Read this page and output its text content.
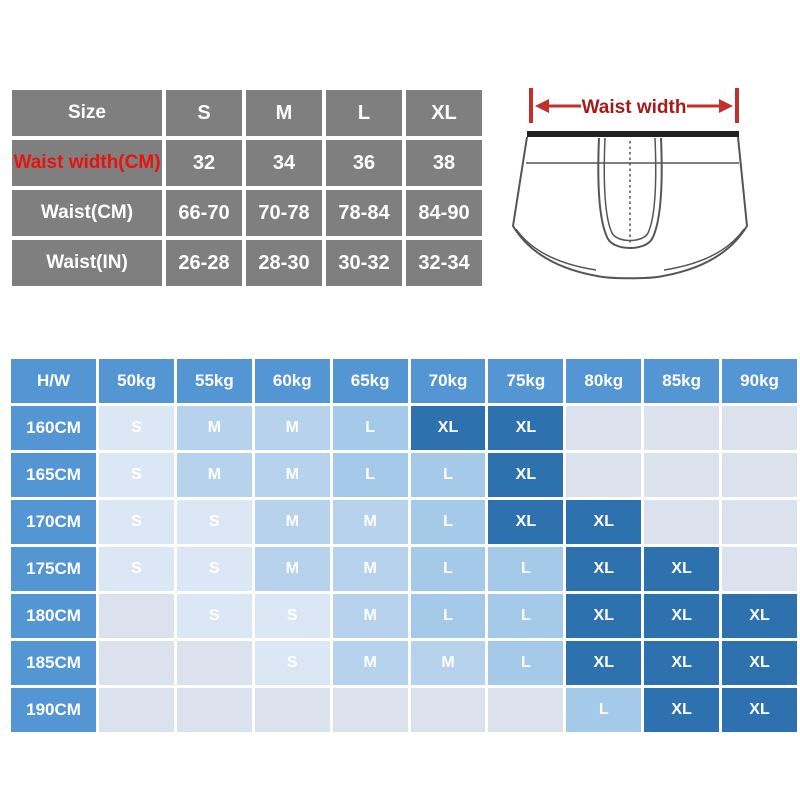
Size	S	M	L	XL
Waist width(CM)	32	34	36	38
Waist(CM)	66-70	70-78	78-84	84-90
Waist(IN)	26-28	28-30	30-32	32-34
Waist width
H/W	50kg	55kg	60kg	65kg	70kg	75kg	80kg	85kg	90kg
160CM	S	M	M	L	XL	XL			
165CM	S	M	M	L	L	XL			
170CM	S	S	M	M	L	XL	XL		
175CM	S	S	M	M	L	L	XL	XL	
180CM		S	S	M	L	L	XL	XL	XL
185CM			S	M	M	L	XL	XL	XL
190CM							L	XL	XL
